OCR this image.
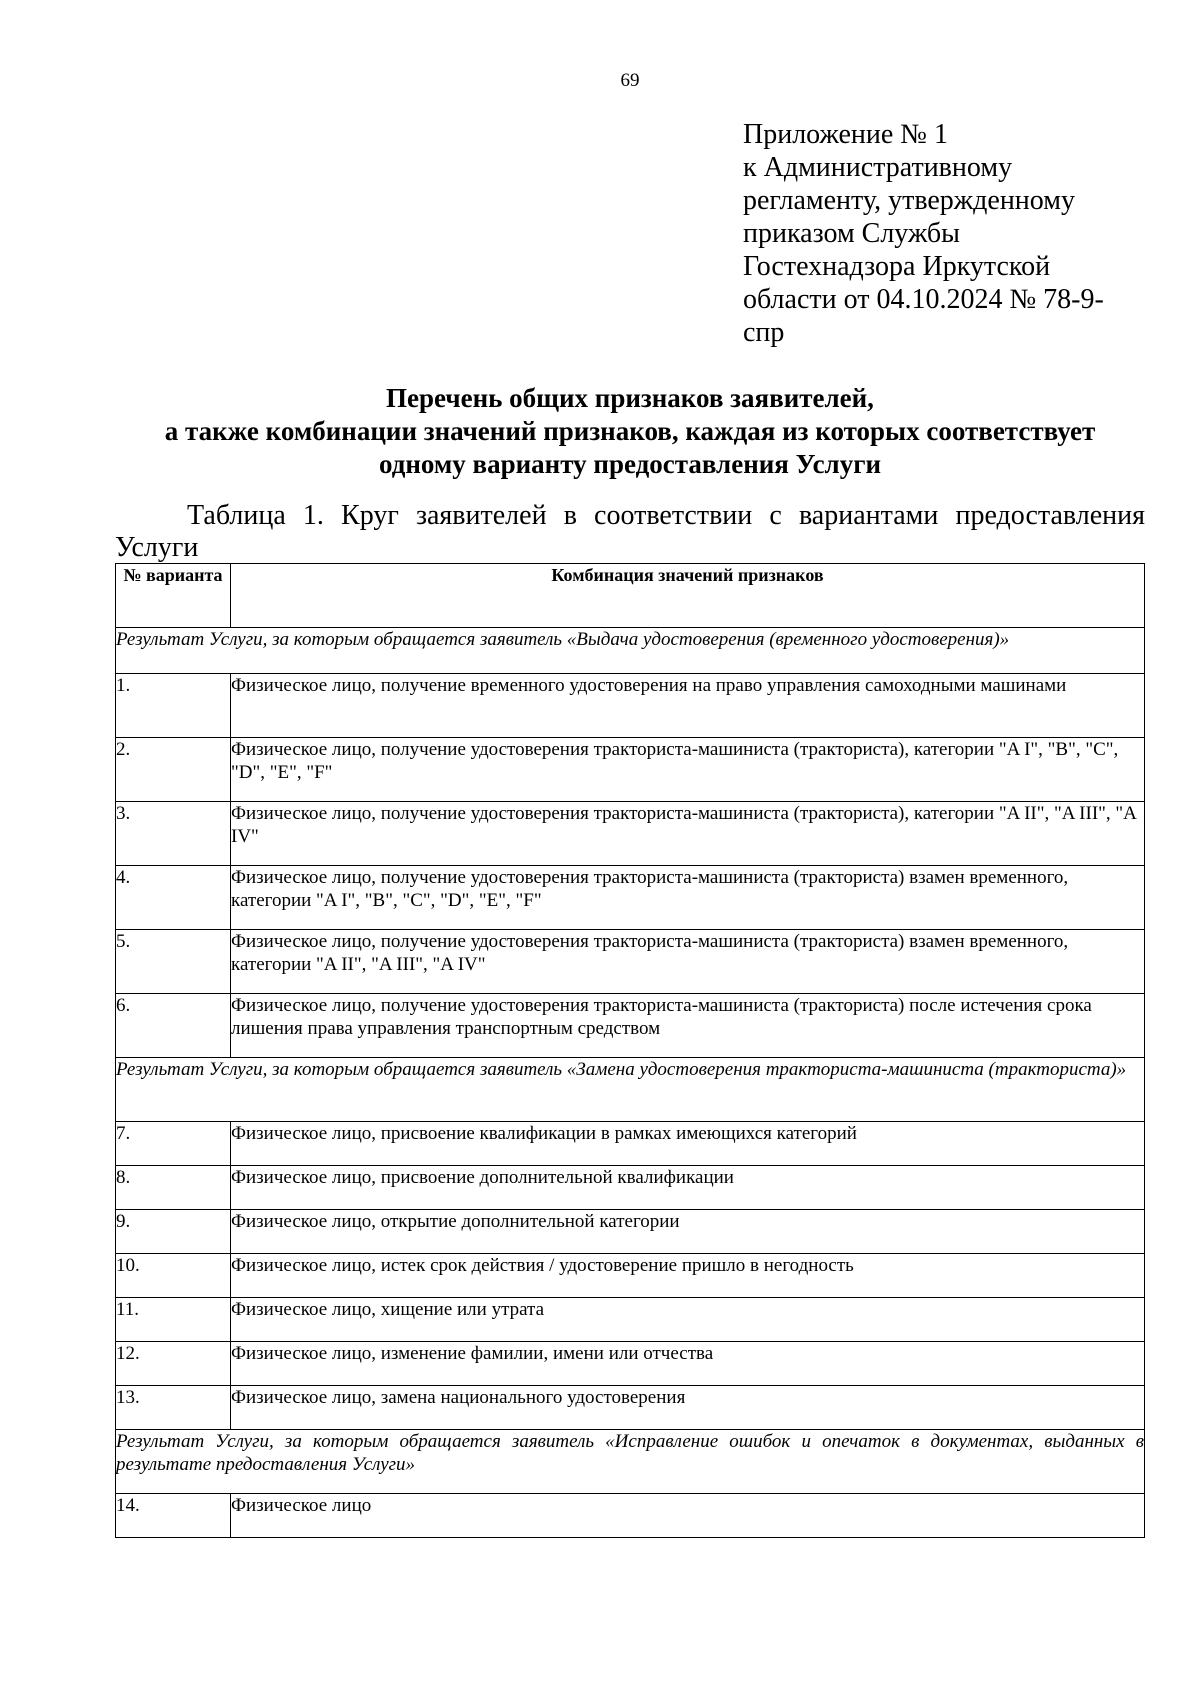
69
Приложение № 1
к Административному
регламенту, утвержденному
приказом Службы
Гостехнадзора Иркутской
области от 04.10.2024 № 78-9-
спр
Перечень общих признаков заявителей,
а также комбинации значений признаков, каждая из которых соответствует
одному варианту предоставления Услуги
Таблица 1. Круг заявителей в соответствии с вариантами предоставления Услуги
№ варианта	Комбинация значений признаков
Результат Услуги, за которым обращается заявитель «Выдача удостоверения (временного удостоверения)»	
1.	Физическое лицо, получение временного удостоверения на право управления самоходными машинами
2.	Физическое лицо, получение удостоверения тракториста-машиниста (тракториста), категории "A I", "B", "C", "D", "E", "F"
3.	Физическое лицо, получение удостоверения тракториста-машиниста (тракториста), категории "A II", "A III", "A IV"
4.	Физическое лицо, получение удостоверения тракториста-машиниста (тракториста) взамен временного, категории "A I", "B", "C", "D", "E", "F"
5.	Физическое лицо, получение удостоверения тракториста-машиниста (тракториста) взамен временного, категории "A II", "A III", "A IV"
6.	Физическое лицо, получение удостоверения тракториста-машиниста (тракториста) после истечения срока лишения права управления транспортным средством
Результат Услуги, за которым обращается заявитель «Замена удостоверения тракториста-машиниста (тракториста)»	
7.	Физическое лицо, присвоение квалификации в рамках имеющихся категорий
8.	Физическое лицо, присвоение дополнительной квалификации
9.	Физическое лицо, открытие дополнительной категории
10.	Физическое лицо, истек срок действия / удостоверение пришло в негодность
11.	Физическое лицо, хищение или утрата
12.	Физическое лицо, изменение фамилии, имени или отчества
13.	Физическое лицо, замена национального удостоверения
Результат Услуги, за которым обращается заявитель «Исправление ошибок и опечаток в документах, выданных в результате предоставления Услуги»	
14.	Физическое лицо
